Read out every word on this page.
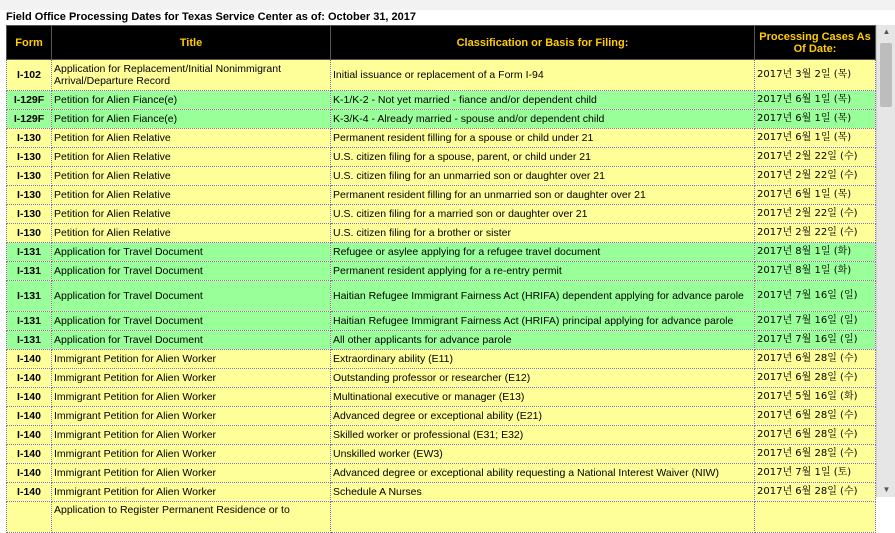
Field Office Processing Dates for Texas Service Center as of: October 31, 2017
Form	Title	Classification or Basis for Filing:	Processing Cases As Of Date:
I-102	Application for Replacement/Initial Nonimmigrant Arrival/Departure Record	Initial issuance or replacement of a Form I-94	2017년 3월 2일 (목)
I-129F	Petition for Alien Fiance(e)	K-1/K-2 - Not yet married - fiance and/or dependent child	2017년 6월 1일 (목)
I-129F	Petition for Alien Fiance(e)	K-3/K-4 - Already married - spouse and/or dependent child	2017년 6월 1일 (목)
I-130	Petition for Alien Relative	Permanent resident filling for a spouse or child under 21	2017년 6월 1일 (목)
I-130	Petition for Alien Relative	U.S. citizen filing for a spouse, parent, or child under 21	2017년 2월 22일 (수)
I-130	Petition for Alien Relative	U.S. citizen filing for an unmarried son or daughter over 21	2017년 2월 22일 (수)
I-130	Petition for Alien Relative	Permanent resident filling for an unmarried son or daughter over 21	2017년 6월 1일 (목)
I-130	Petition for Alien Relative	U.S. citizen filing for a married son or daughter over 21	2017년 2월 22일 (수)
I-130	Petition for Alien Relative	U.S. citizen filing for a brother or sister	2017년 2월 22일 (수)
I-131	Application for Travel Document	Refugee or asylee applying for a refugee travel document	2017년 8월 1일 (화)
I-131	Application for Travel Document	Permanent resident applying for a re-entry permit	2017년 8월 1일 (화)
I-131	Application for Travel Document	Haitian Refugee Immigrant Fairness Act (HRIFA) dependent applying for advance parole	2017년 7월 16일 (일)
I-131	Application for Travel Document	Haitian Refugee Immigrant Fairness Act (HRIFA) principal applying for advance parole	2017년 7월 16일 (일)
I-131	Application for Travel Document	All other applicants for advance parole	2017년 7월 16일 (일)
I-140	Immigrant Petition for Alien Worker	Extraordinary ability (E11)	2017년 6월 28일 (수)
I-140	Immigrant Petition for Alien Worker	Outstanding professor or researcher (E12)	2017년 6월 28일 (수)
I-140	Immigrant Petition for Alien Worker	Multinational executive or manager (E13)	2017년 5월 16일 (화)
I-140	Immigrant Petition for Alien Worker	Advanced degree or exceptional ability (E21)	2017년 6월 28일 (수)
I-140	Immigrant Petition for Alien Worker	Skilled worker or professional (E31; E32)	2017년 6월 28일 (수)
I-140	Immigrant Petition for Alien Worker	Unskilled worker (EW3)	2017년 6월 28일 (수)
I-140	Immigrant Petition for Alien Worker	Advanced degree or exceptional ability requesting a National Interest Waiver (NIW)	2017년 7월 1일 (토)
I-140	Immigrant Petition for Alien Worker	Schedule A Nurses	2017년 6월 28일 (수)
	Application to Register Permanent Residence or to		
▲
▼
